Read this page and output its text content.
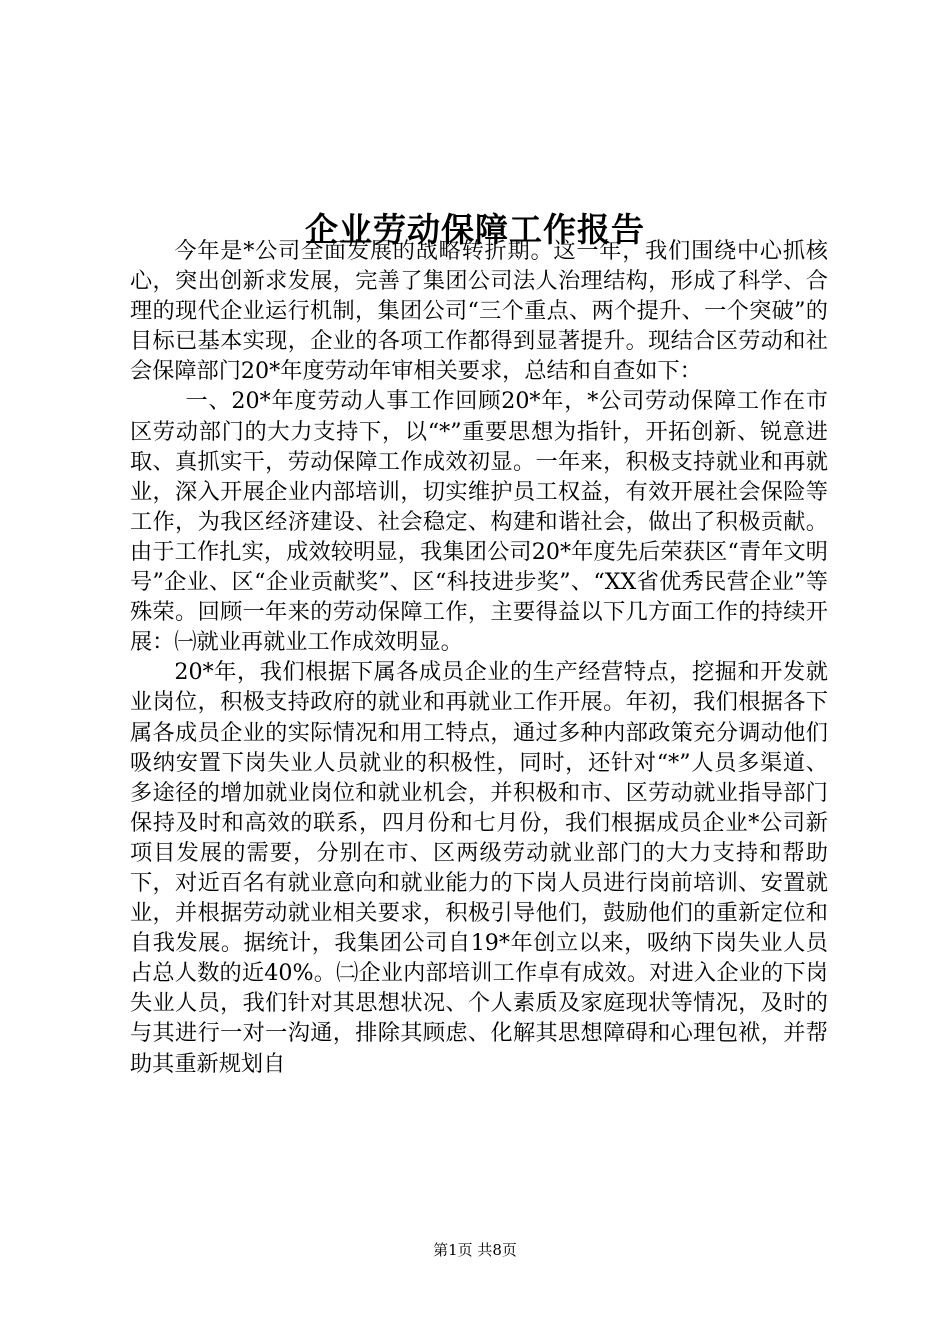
企业劳动保障工作报告

今年是*公司全面发展的战略转折期。这一年，我们围绕中心抓核心，突出创新求发展，完善了集团公司法人治理结构，形成了科学、合理的现代企业运行机制，集团公司“三个重点、两个提升、一个突破”的目标已基本实现，企业的各项工作都得到显著提升。现结合区劳动和社会保障部门20*年度劳动年审相关要求，总结和自查如下：

一、20*年度劳动人事工作回顾20*年，*公司劳动保障工作在市区劳动部门的大力支持下，以“*”重要思想为指针，开拓创新、锐意进取、真抓实干，劳动保障工作成效初显。一年来，积极支持就业和再就业，深入开展企业内部培训，切实维护员工权益，有效开展社会保险等工作，为我区经济建设、社会稳定、构建和谐社会，做出了积极贡献。由于工作扎实，成效较明显，我集团公司20*年度先后荣获区“青年文明号”企业、区“企业贡献奖”、区“科技进步奖”、“XX省优秀民营企业”等殊荣。回顾一年来的劳动保障工作，主要得益以下几方面工作的持续开展：㈠就业再就业工作成效明显。

20*年，我们根据下属各成员企业的生产经营特点，挖掘和开发就业岗位，积极支持政府的就业和再就业工作开展。年初，我们根据各下属各成员企业的实际情况和用工特点，通过多种内部政策充分调动他们吸纳安置下岗失业人员就业的积极性，同时，还针对“*”人员多渠道、多途径的增加就业岗位和就业机会，并积极和市、区劳动就业指导部门保持及时和高效的联系，四月份和七月份，我们根据成员企业*公司新项目发展的需要，分别在市、区两级劳动就业部门的大力支持和帮助下，对近百名有就业意向和就业能力的下岗人员进行岗前培训、安置就业，并根据劳动就业相关要求，积极引导他们，鼓励他们的重新定位和自我发展。据统计，我集团公司自19*年创立以来，吸纳下岗失业人员占总人数的近40%。㈡企业内部培训工作卓有成效。对进入企业的下岗失业人员，我们针对其思想状况、个人素质及家庭现状等情况，及时的与其进行一对一沟通，排除其顾虑、化解其思想障碍和心理包袱，并帮助其重新规划自

第1页 共8页
